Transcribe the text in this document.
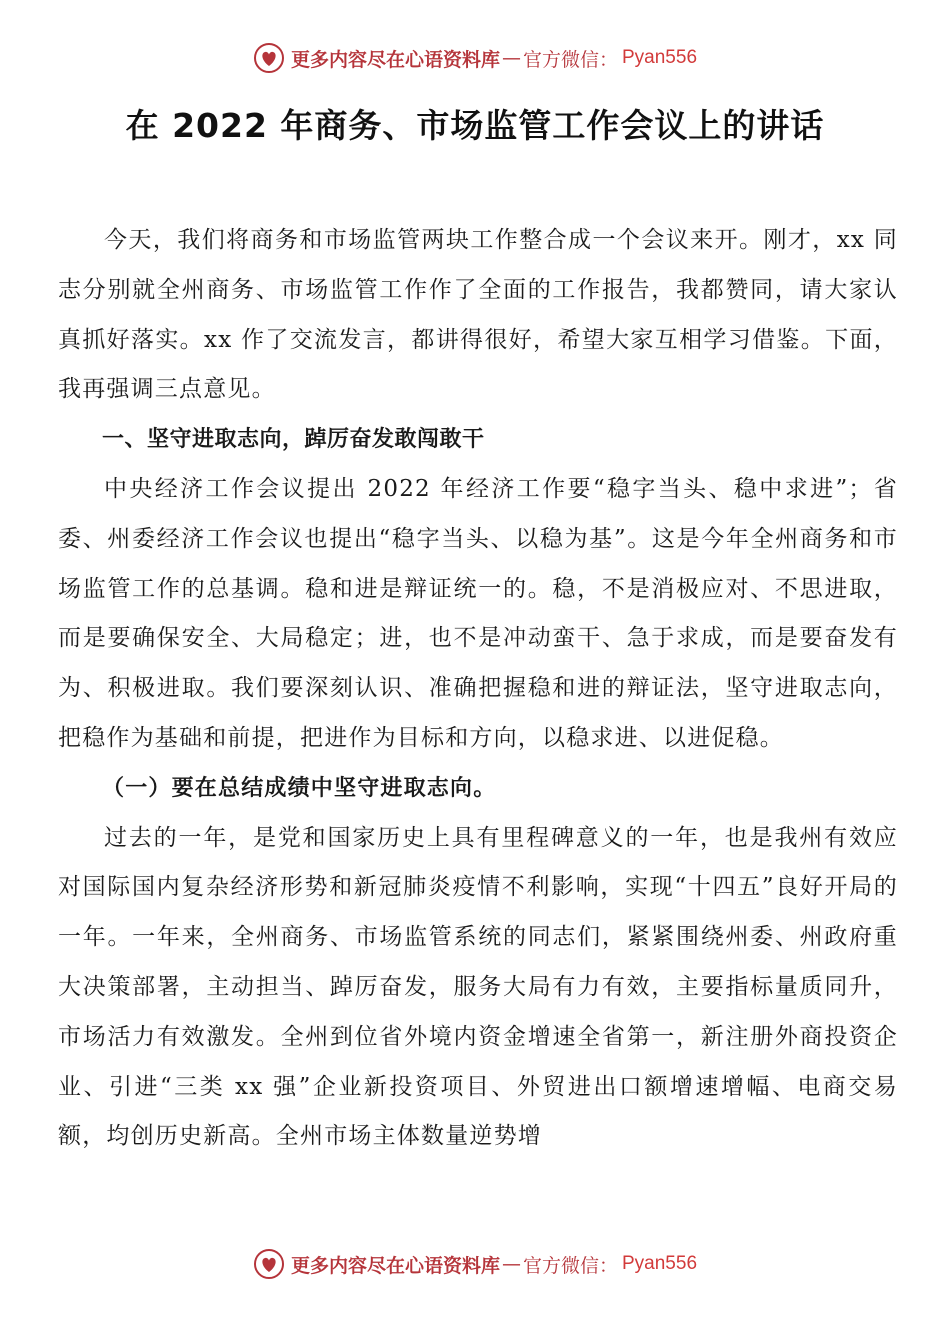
更多内容尽在心语资料库 — 官方微信： Pyan556
在 2022 年商务、市场监管工作会议上的讲话

今天，我们将商务和市场监管两块工作整合成一个会议来开。刚才，xx 同志分别就全州商务、市场监管工作作了全面的工作报告，我都赞同，请大家认真抓好落实。xx 作了交流发言，都讲得很好，希望大家互相学习借鉴。下面，我再强调三点意见。

一、坚守进取志向，踔厉奋发敢闯敢干

中央经济工作会议提出 2022 年经济工作要“稳字当头、稳中求进”；省委、州委经济工作会议也提出“稳字当头、以稳为基”。这是今年全州商务和市场监管工作的总基调。稳和进是辩证统一的。稳，不是消极应对、不思进取，而是要确保安全、大局稳定；进，也不是冲动蛮干、急于求成，而是要奋发有为、积极进取。我们要深刻认识、准确把握稳和进的辩证法，坚守进取志向，把稳作为基础和前提，把进作为目标和方向，以稳求进、以进促稳。

（一）要在总结成绩中坚守进取志向。

过去的一年，是党和国家历史上具有里程碑意义的一年，也是我州有效应对国际国内复杂经济形势和新冠肺炎疫情不利影响，实现“十四五”良好开局的一年。一年来，全州商务、市场监管系统的同志们，紧紧围绕州委、州政府重大决策部署，主动担当、踔厉奋发，服务大局有力有效，主要指标量质同升，市场活力有效激发。全州到位省外境内资金增速全省第一，新注册外商投资企业、引进“三类 xx 强”企业新投资项目、外贸进出口额增速增幅、电商交易额，均创历史新高。全州市场主体数量逆势增

更多内容尽在心语资料库 — 官方微信： Pyan556
